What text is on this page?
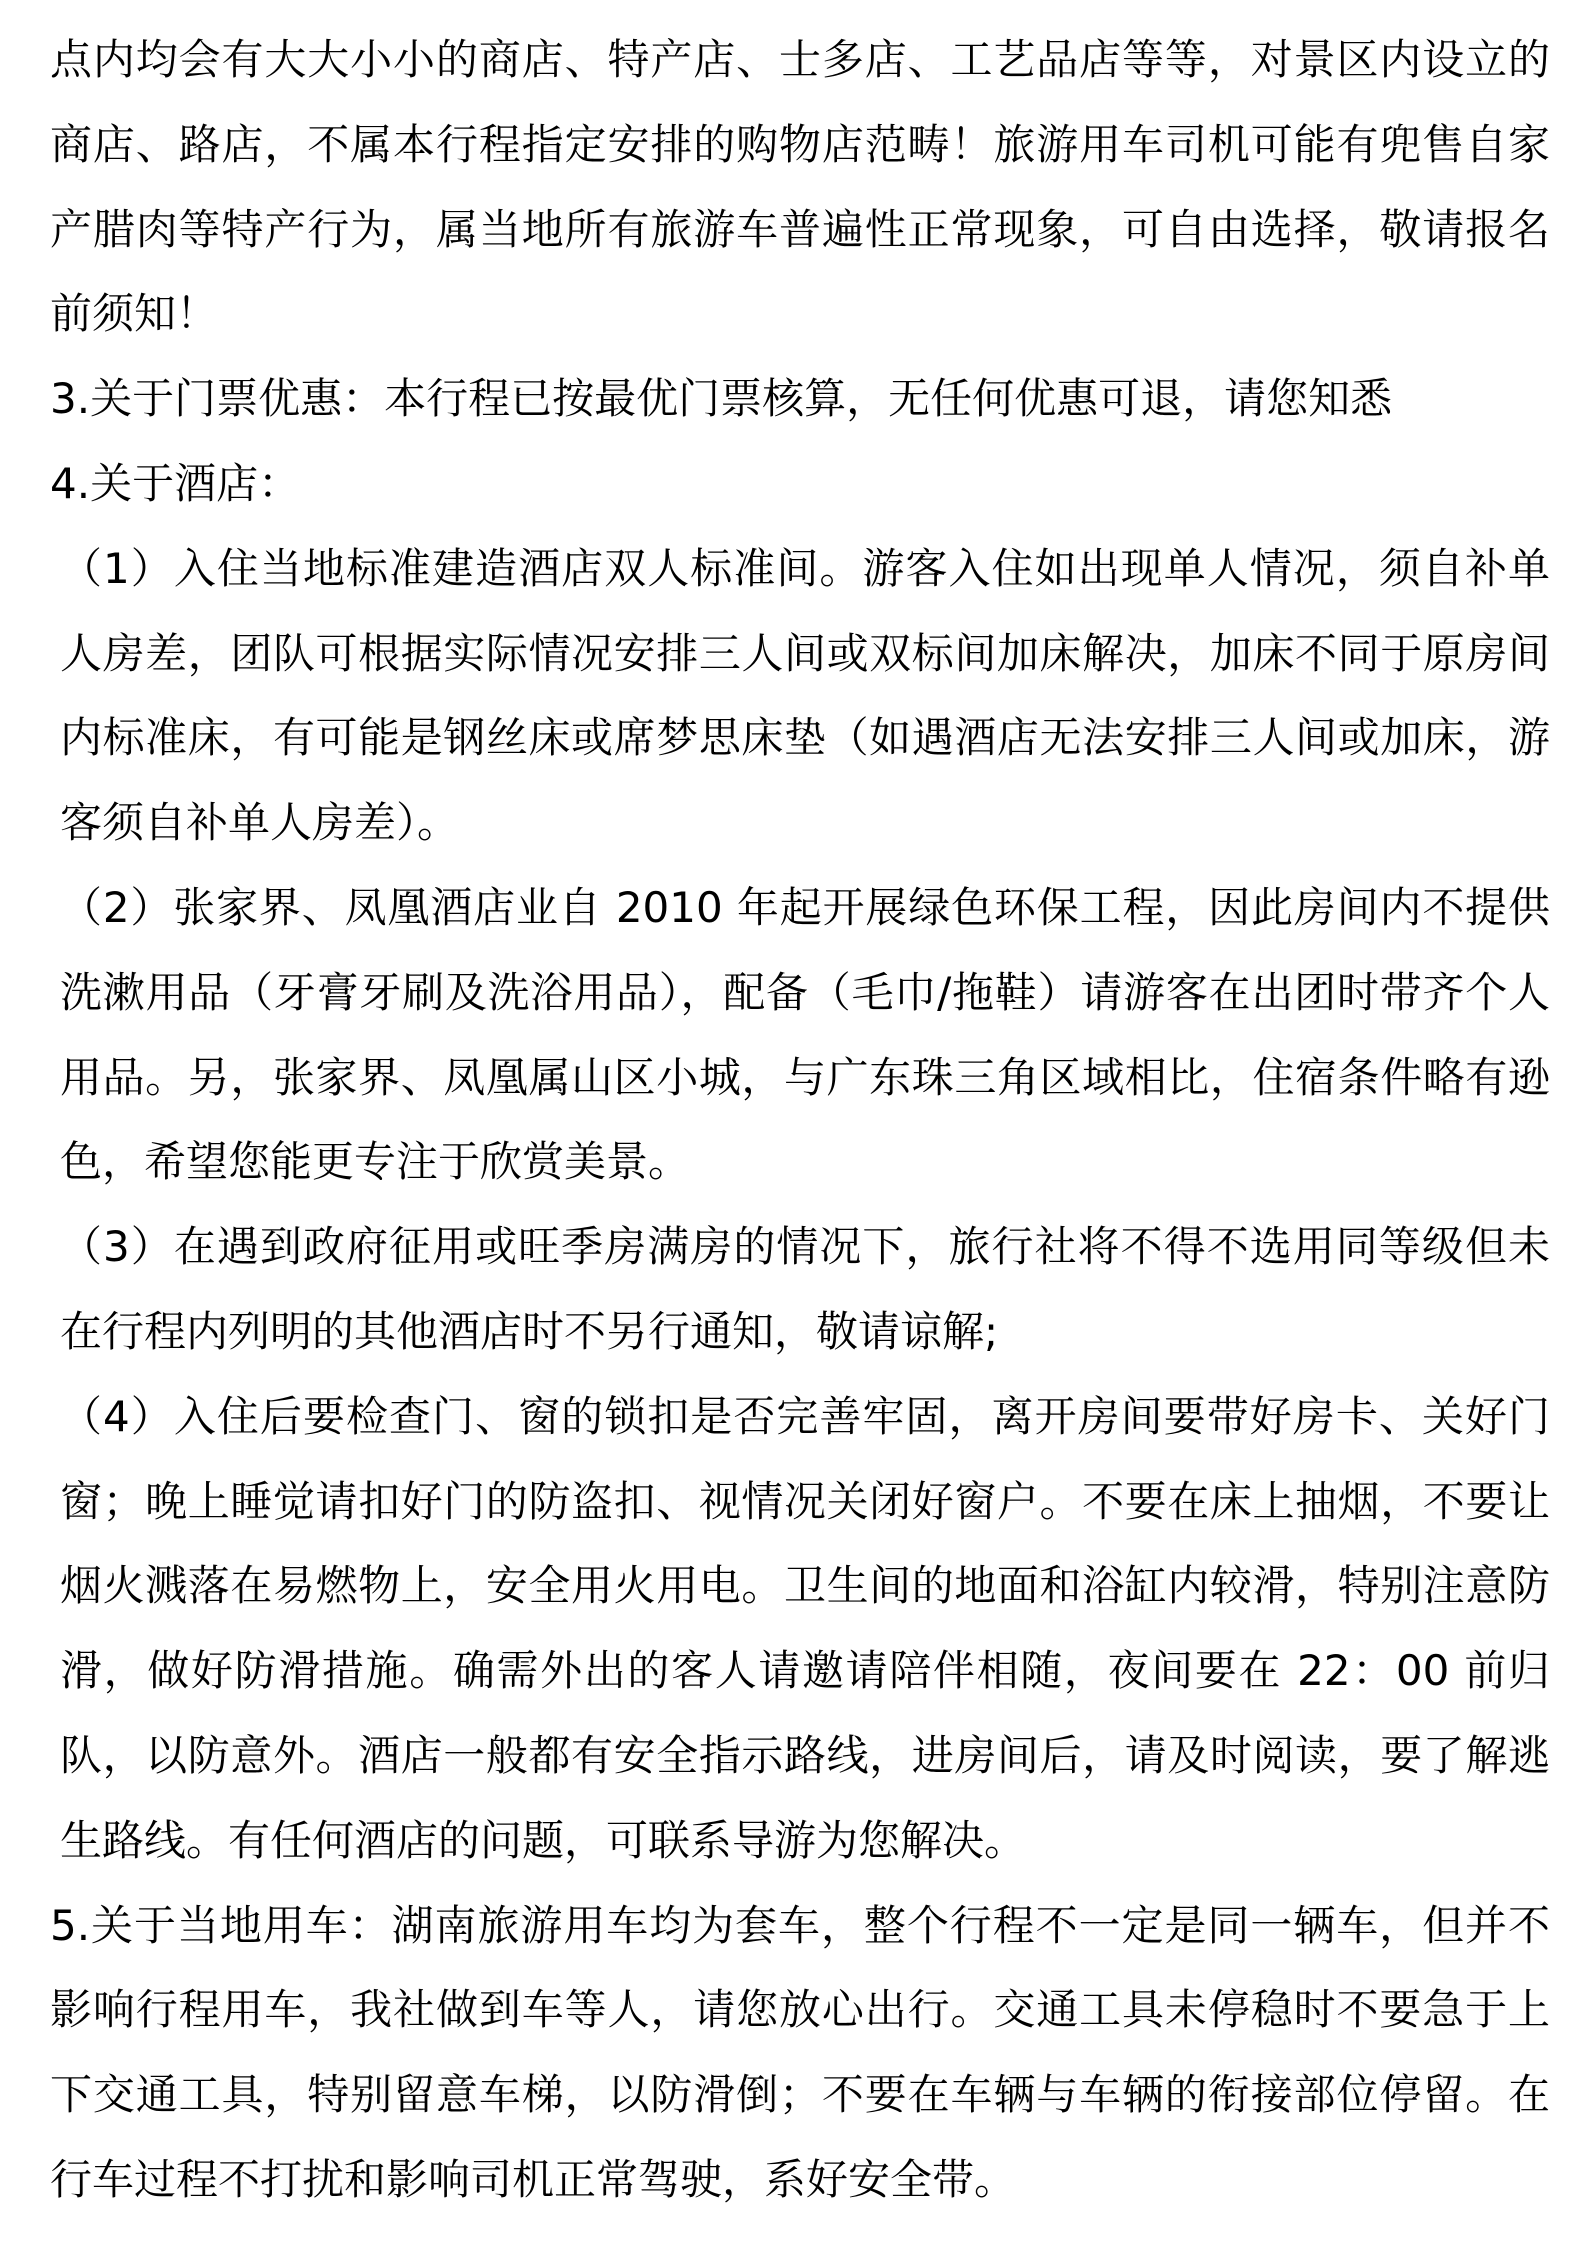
点内均会有大大小小的商店、特产店、士多店、工艺品店等等，对景区内设立的商店、路店，不属本行程指定安排的购物店范畴！旅游用车司机可能有兜售自家产腊肉等特产行为，属当地所有旅游车普遍性正常现象，可自由选择，敬请报名前须知！

3.关于门票优惠：本行程已按最优门票核算，无任何优惠可退，请您知悉

4.关于酒店：

（1）入住当地标准建造酒店双人标准间。游客入住如出现单人情况，须自补单人房差，团队可根据实际情况安排三人间或双标间加床解决，加床不同于原房间内标准床，有可能是钢丝床或席梦思床垫（如遇酒店无法安排三人间或加床，游客须自补单人房差）。

（2）张家界、凤凰酒店业自 2010 年起开展绿色环保工程，因此房间内不提供洗漱用品（牙膏牙刷及洗浴用品），配备（毛巾/拖鞋）请游客在出团时带齐个人用品。另，张家界、凤凰属山区小城，与广东珠三角区域相比，住宿条件略有逊色，希望您能更专注于欣赏美景。

（3）在遇到政府征用或旺季房满房的情况下，旅行社将不得不选用同等级但未在行程内列明的其他酒店时不另行通知，敬请谅解;

（4）入住后要检查门、窗的锁扣是否完善牢固，离开房间要带好房卡、关好门窗；晚上睡觉请扣好门的防盗扣、视情况关闭好窗户。不要在床上抽烟，不要让烟火溅落在易燃物上，安全用火用电。卫生间的地面和浴缸内较滑，特别注意防滑，做好防滑措施。确需外出的客人请邀请陪伴相随，夜间要在 22：00 前归队，以防意外。酒店一般都有安全指示路线，进房间后，请及时阅读，要了解逃生路线。有任何酒店的问题，可联系导游为您解决。

5.关于当地用车：湖南旅游用车均为套车，整个行程不一定是同一辆车，但并不影响行程用车，我社做到车等人，请您放心出行。交通工具未停稳时不要急于上下交通工具，特别留意车梯，以防滑倒；不要在车辆与车辆的衔接部位停留。在行车过程不打扰和影响司机正常驾驶，系好安全带。
